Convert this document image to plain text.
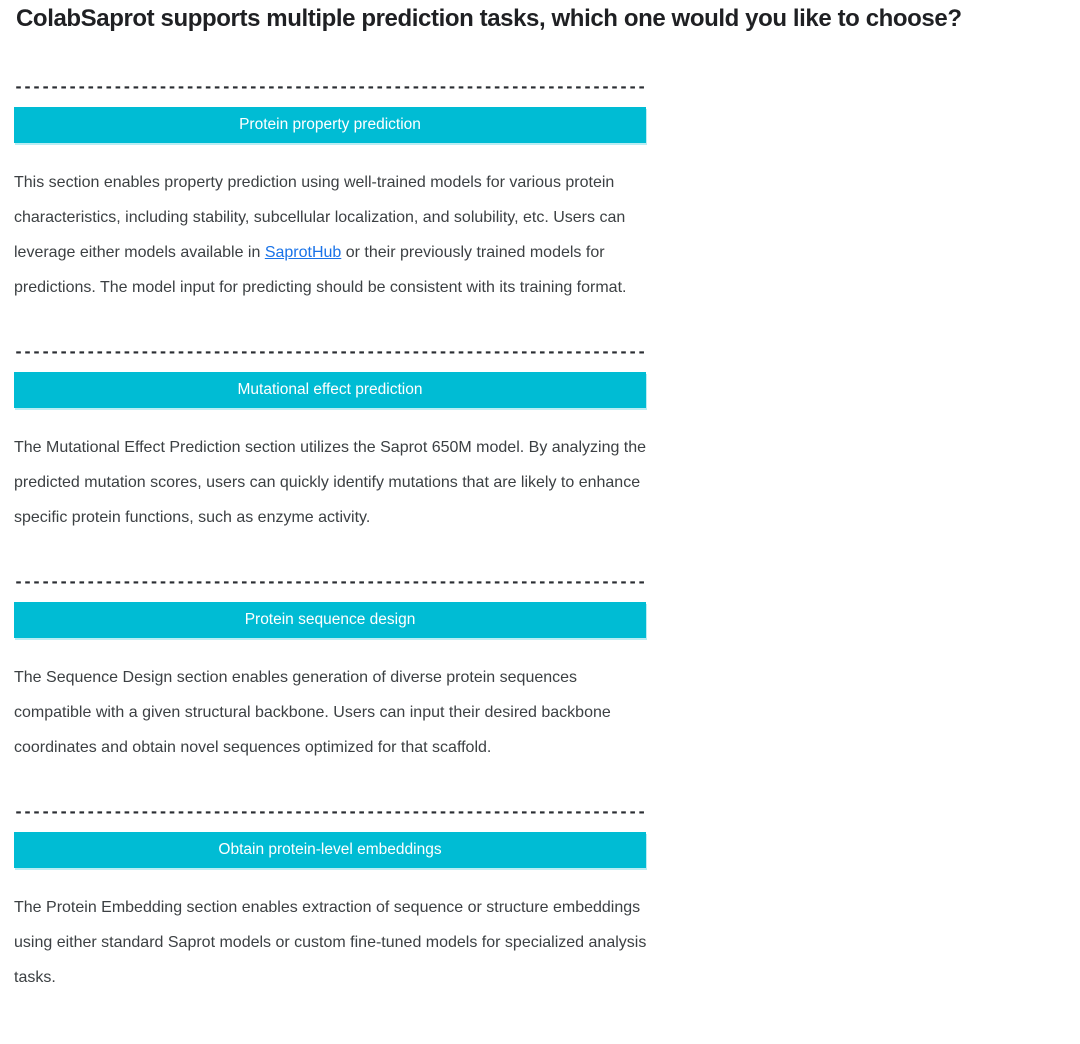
ColabSaprot supports multiple prediction tasks, which one would you like to choose?
----------------------------------------------------------------------
Protein property prediction

This section enables property prediction using well-trained models for various protein characteristics, including stability, subcellular localization, and solubility, etc. Users can leverage either models available in SaprotHub or their previously trained models for predictions. The model input for predicting should be consistent with its training format.

----------------------------------------------------------------------
Mutational effect prediction

The Mutational Effect Prediction section utilizes the Saprot 650M model. By analyzing the predicted mutation scores, users can quickly identify mutations that are likely to enhance specific protein functions, such as enzyme activity.

----------------------------------------------------------------------
Protein sequence design

The Sequence Design section enables generation of diverse protein sequences compatible with a given structural backbone. Users can input their desired backbone coordinates and obtain novel sequences optimized for that scaffold.

----------------------------------------------------------------------
Obtain protein-level embeddings

The Protein Embedding section enables extraction of sequence or structure embeddings using either standard Saprot models or custom fine-tuned models for specialized analysis tasks.
